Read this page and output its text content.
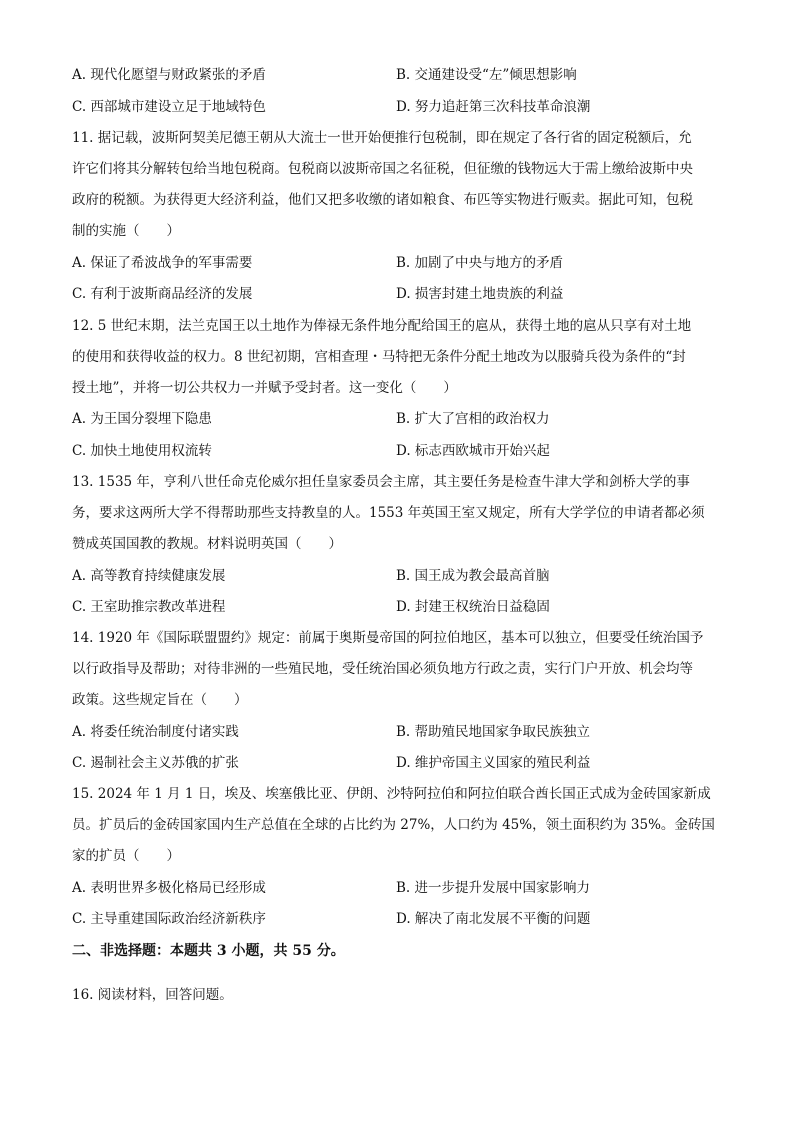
A. 现代化愿望与财政紧张的矛盾	B. 交通建设受“左”倾思想影响
C. 西部城市建设立足于地域特色	D. 努力追赶第三次科技革命浪潮
11. 据记载，波斯阿契美尼德王朝从大流士一世开始便推行包税制，即在规定了各行省的固定税额后，允
许它们将其分解转包给当地包税商。包税商以波斯帝国之名征税，但征缴的钱物远大于需上缴给波斯中央
政府的税额。为获得更大经济利益，他们又把多收缴的诸如粮食、布匹等实物进行贩卖。据此可知，包税
制的实施（　　）
A. 保证了希波战争的军事需要	B. 加剧了中央与地方的矛盾
C. 有利于波斯商品经济的发展	D. 损害封建土地贵族的利益
12. 5 世纪末期，法兰克国王以土地作为俸禄无条件地分配给国王的扈从，获得土地的扈从只享有对土地
的使用和获得收益的权力。8 世纪初期，宫相查理・马特把无条件分配土地改为以服骑兵役为条件的“封
授土地”，并将一切公共权力一并赋予受封者。这一变化（　　）
A. 为王国分裂埋下隐患	B. 扩大了宫相的政治权力
C. 加快土地使用权流转	D. 标志西欧城市开始兴起
13. 1535 年，亨利八世任命克伦威尔担任皇家委员会主席，其主要任务是检查牛津大学和剑桥大学的事
务，要求这两所大学不得帮助那些支持教皇的人。1553 年英国王室又规定，所有大学学位的申请者都必须
赞成英国国教的教规。材料说明英国（　　）
A. 高等教育持续健康发展	B. 国王成为教会最高首脑
C. 王室助推宗教改革进程	D. 封建王权统治日益稳固
14. 1920 年《国际联盟盟约》规定：前属于奥斯曼帝国的阿拉伯地区，基本可以独立，但要受任统治国予
以行政指导及帮助；对待非洲的一些殖民地，受任统治国必须负地方行政之责，实行门户开放、机会均等
政策。这些规定旨在（　　）
A. 将委任统治制度付诸实践	B. 帮助殖民地国家争取民族独立
C. 遏制社会主义苏俄的扩张	D. 维护帝国主义国家的殖民利益
15. 2024 年 1 月 1 日，埃及、埃塞俄比亚、伊朗、沙特阿拉伯和阿拉伯联合酋长国正式成为金砖国家新成
员。扩员后的金砖国家国内生产总值在全球的占比约为 27%，人口约为 45%，领土面积约为 35%。金砖国
家的扩员（　　）
A. 表明世界多极化格局已经形成	B. 进一步提升发展中国家影响力
C. 主导重建国际政治经济新秩序	D. 解决了南北发展不平衡的问题
二、非选择题：本题共 3 小题，共 55 分。
16. 阅读材料，回答问题。
